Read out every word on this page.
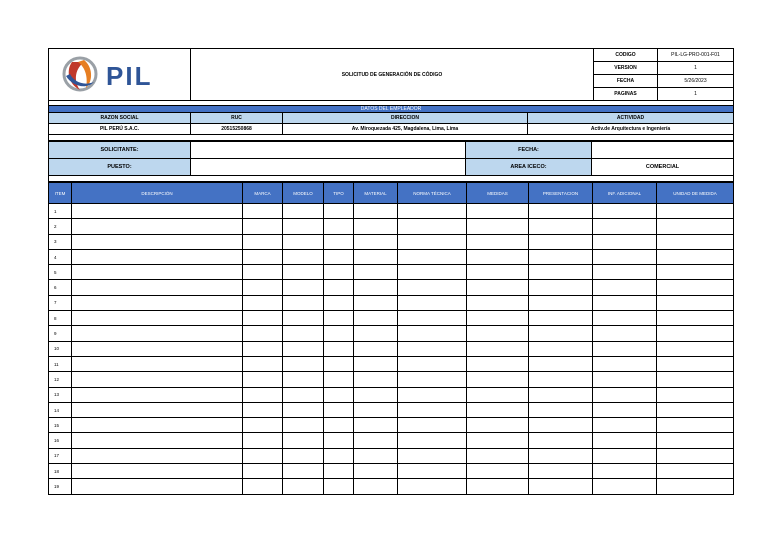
PIL	SOLICITUD DE GENERACIÓN DE CÓDIGO	CODIGO	PIL-LG-PRO-001-F01
		VERSION	1
		FECHA	5/26/2023
		PAGINAS	1

DATOS DEL EMPLEADOR			
RAZON SOCIAL	RUC	DIRECCION	ACTIVIDAD
PIL PERÚ S.A.C.	20515250868	Av. Miroquezada 425, Magdalena, Lima, Lima	Activ.de Arquitectura e Ingeniería

SOLICITANTE:		FECHA:	
PUESTO:		AREA ICECO:	COMERCIAL

ITEM	DESCRIPCIÓN	MARCA	MODELO	TIPO	MATERIAL	NORMA TÉCNICA	MEDIDAS	PRESENTACION	INF. ADICIONAL	UNIDAD DE MEDIDA
1										
2										
3										
4										
5										
6										
7										
8										
9										
10										
11										
12										
13										
14										
15										
16										
17										
18										
19										
